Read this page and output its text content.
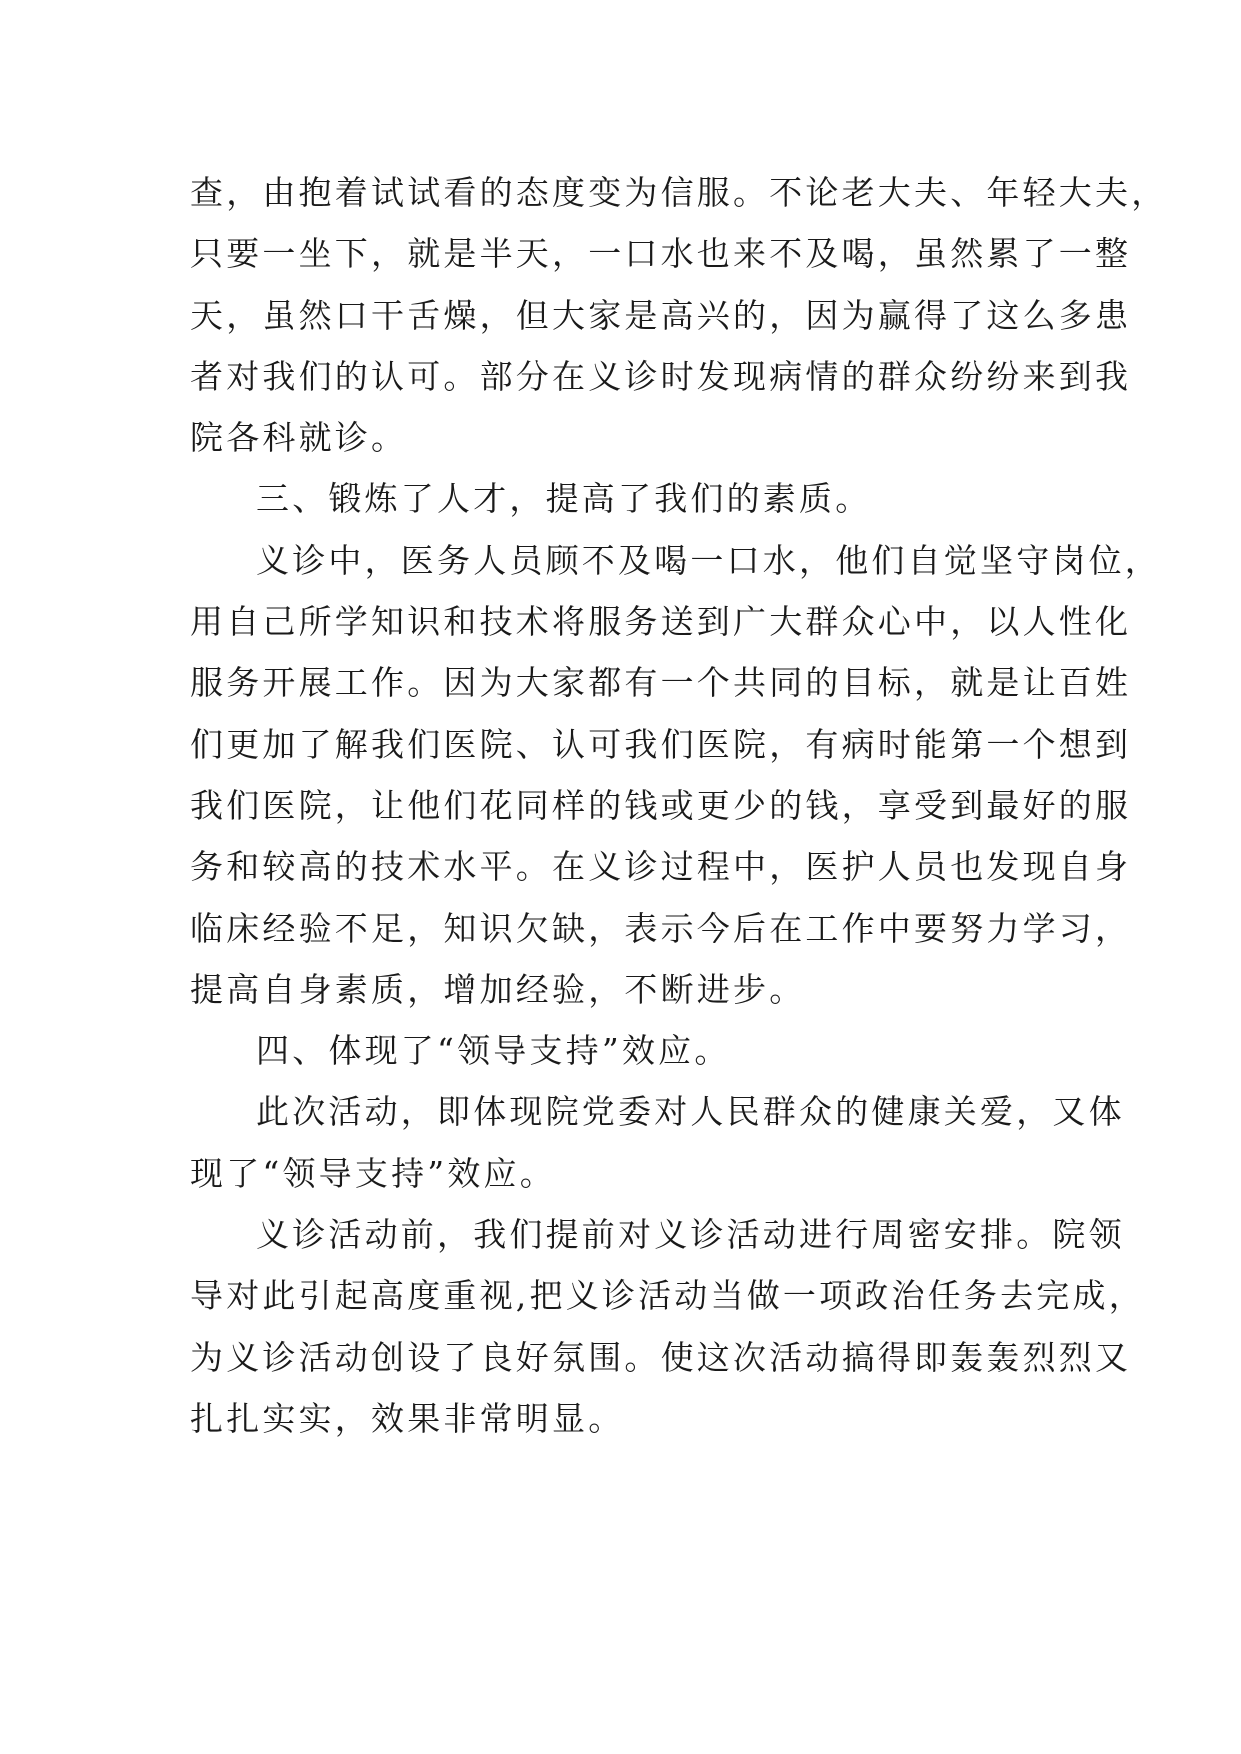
查，由抱着试试看的态度变为信服。不论老大夫、年轻大夫，
只要一坐下，就是半天，一口水也来不及喝，虽然累了一整
天，虽然口干舌燥，但大家是高兴的，因为赢得了这么多患
者对我们的认可。部分在义诊时发现病情的群众纷纷来到我
院各科就诊。
三、锻炼了人才，提高了我们的素质。
义诊中，医务人员顾不及喝一口水，他们自觉坚守岗位，
用自己所学知识和技术将服务送到广大群众心中，以人性化
服务开展工作。因为大家都有一个共同的目标，就是让百姓
们更加了解我们医院、认可我们医院，有病时能第一个想到
我们医院，让他们花同样的钱或更少的钱，享受到最好的服
务和较高的技术水平。在义诊过程中，医护人员也发现自身
临床经验不足，知识欠缺，表示今后在工作中要努力学习，
提高自身素质，增加经验，不断进步。
四、体现了“领导支持”效应。
此次活动，即体现院党委对人民群众的健康关爱，又体
现了“领导支持”效应。
义诊活动前，我们提前对义诊活动进行周密安排。院领
导对此引起高度重视,把义诊活动当做一项政治任务去完成，
为义诊活动创设了良好氛围。使这次活动搞得即轰轰烈烈又
扎扎实实，效果非常明显。
